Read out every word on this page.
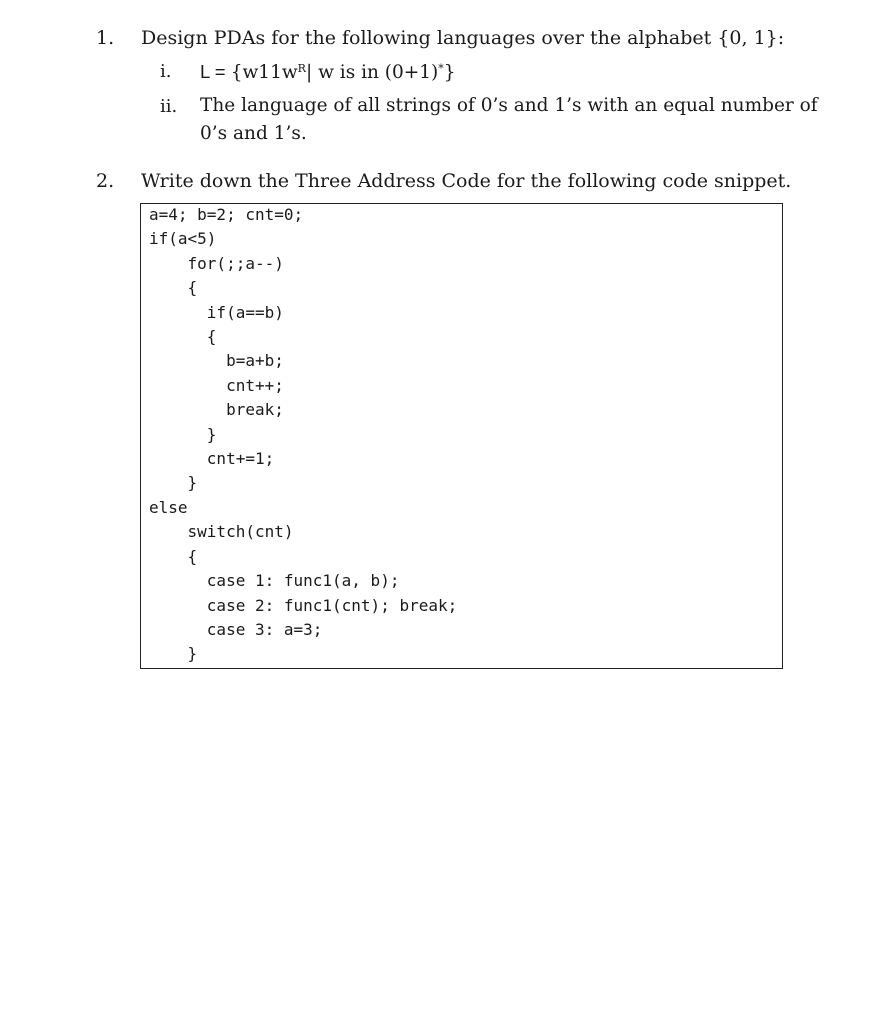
1. Design PDAs for the following languages over the alphabet {0, 1}:
i. $L = \{w11w^R|$ w is in (0+1)*}
ii. The language of all strings of 0’s and 1’s with an equal number of 0’s and 1’s.
2. Write down the Three Address Code for the following code snippet.
a=4; b=2; cnt=0;
if(a<5)
for(;;a--)
{
if(a==b)
{
b=a+b;
cnt++;
break;
}
cnt+=1;
}
else
switch(cnt)
{
case 1: func1(a, b);
case 2: func1(cnt); break;
case 3: a=3;
}
